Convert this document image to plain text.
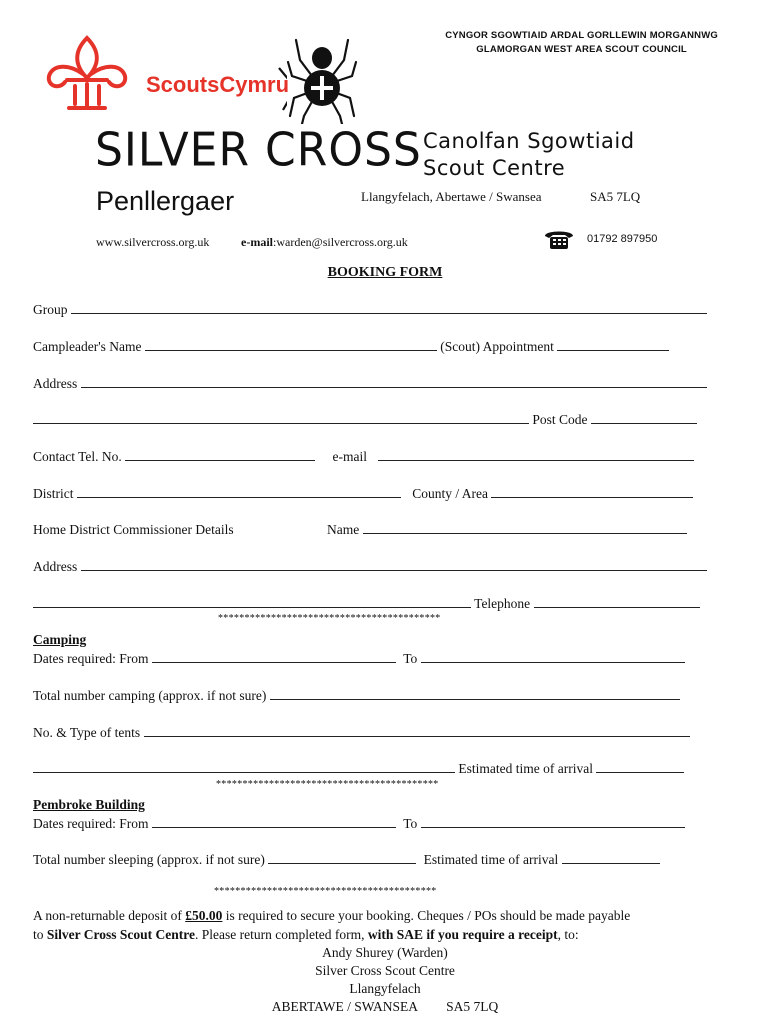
CYNGOR SGOWTIAID ARDAL GORLLEWIN MORGANNWG
GLAMORGAN WEST AREA SCOUT COUNCIL
ScoutsCymru
SILVER CROSS
Penllergaer
Canolfan Sgowtiaid
Scout Centre
Llangyfelach, Abertawe / Swansea	SA5 7LQ
www.silvercross.org.uk	e-mail:warden@silvercross.org.uk	01792 897950
BOOKING FORM
Group
Campleader's Name	(Scout) Appointment
Address
Post Code
Contact Tel. No.	e-mail
District	County / Area
Home District Commissioner Details	Name
Address
Telephone
******************************************
Camping
Dates required: From	To
Total number camping (approx. if not sure)
No. & Type of tents
Estimated time of arrival
******************************************
Pembroke Building
Dates required: From	To
Total number sleeping (approx. if not sure)	Estimated time of arrival
******************************************
A non-returnable deposit of £50.00 is required to secure your booking. Cheques / POs should be made payable
to Silver Cross Scout Centre. Please return completed form, with SAE if you require a receipt, to:
Andy Shurey (Warden)
Silver Cross Scout Centre
Llangyfelach
ABERTAWE / SWANSEA SA5 7LQ
